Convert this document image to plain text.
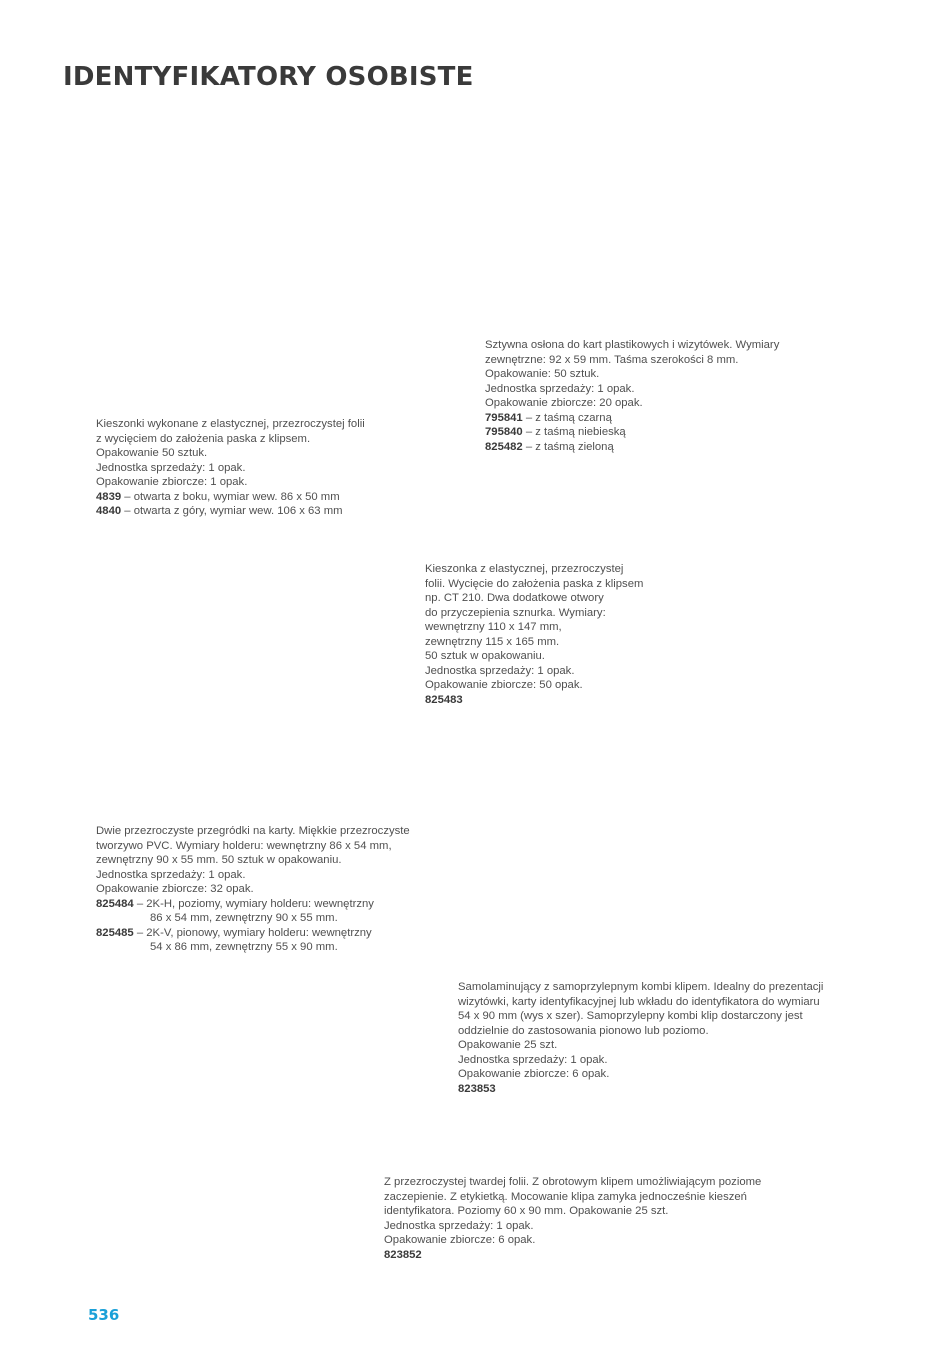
IDENTYFIKATORY OSOBISTE
Sztywna osłona do kart plastikowych i wizytówek. Wymiary
zewnętrzne: 92 x 59 mm. Taśma szerokości 8 mm.
Opakowanie: 50 sztuk.
Jednostka sprzedaży: 1 opak.
Opakowanie zbiorcze: 20 opak.
795841 – z taśmą czarną
795840 – z taśmą niebieską
825482 – z taśmą zieloną
Kieszonki wykonane z elastycznej, przezroczystej folii
z wycięciem do założenia paska z klipsem.
Opakowanie 50 sztuk.
Jednostka sprzedaży: 1 opak.
Opakowanie zbiorcze: 1 opak.
4839 – otwarta z boku, wymiar wew. 86 x 50 mm
4840 – otwarta z góry, wymiar wew. 106 x 63 mm
Kieszonka z elastycznej, przezroczystej
folii. Wycięcie do założenia paska z klipsem
np. CT 210. Dwa dodatkowe otwory
do przyczepienia sznurka. Wymiary:
wewnętrzny 110 x 147 mm,
zewnętrzny 115 x 165 mm.
50 sztuk w opakowaniu.
Jednostka sprzedaży: 1 opak.
Opakowanie zbiorcze: 50 opak.
825483
Dwie przezroczyste przegródki na karty. Miękkie przezroczyste
tworzywo PVC. Wymiary holderu: wewnętrzny 86 x 54 mm,
zewnętrzny 90 x 55 mm. 50 sztuk w opakowaniu.
Jednostka sprzedaży: 1 opak.
Opakowanie zbiorcze: 32 opak.
825484 – 2K-H, poziomy, wymiary holderu: wewnętrzny
86 x 54 mm, zewnętrzny 90 x 55 mm.
825485 – 2K-V, pionowy, wymiary holderu: wewnętrzny
54 x 86 mm, zewnętrzny 55 x 90 mm.
Samolaminujący z samoprzylepnym kombi klipem. Idealny do prezentacji
wizytówki, karty identyfikacyjnej lub wkładu do identyfikatora do wymiaru
54 x 90 mm (wys x szer). Samoprzylepny kombi klip dostarczony jest
oddzielnie do zastosowania pionowo lub poziomo.
Opakowanie 25 szt.
Jednostka sprzedaży: 1 opak.
Opakowanie zbiorcze: 6 opak.
823853
Z przezroczystej twardej folii. Z obrotowym klipem umożliwiającym poziome
zaczepienie. Z etykietką. Mocowanie klipa zamyka jednocześnie kieszeń
identyfikatora. Poziomy 60 x 90 mm. Opakowanie 25 szt.
Jednostka sprzedaży: 1 opak.
Opakowanie zbiorcze: 6 opak.
823852
536
